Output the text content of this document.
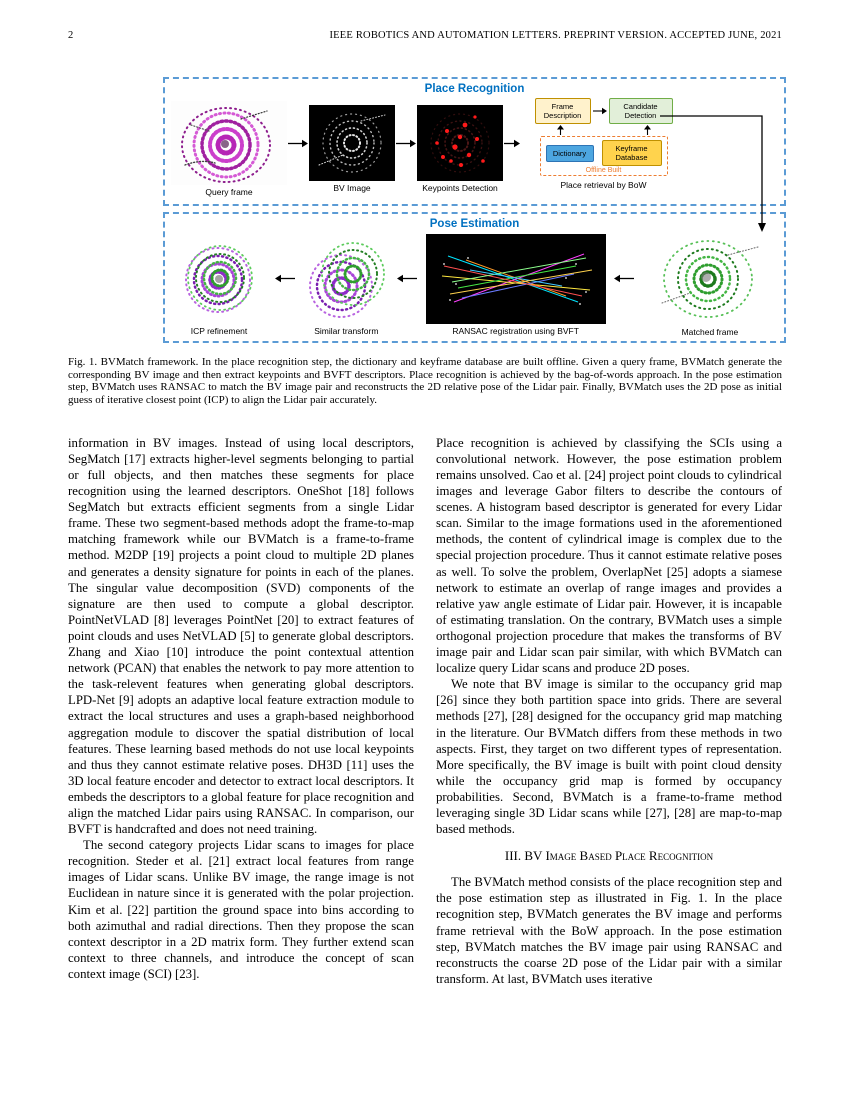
2	IEEE ROBOTICS AND AUTOMATION LETTERS. PREPRINT VERSION. ACCEPTED JUNE, 2021
Place Recognition
Query frame	BV Image	Keypoints Detection
Frame Description
Candidate Detection
Dictionary	Keyframe Database
Offline Built
Place retrieval by BoW
Pose Estimation
ICP refinement	Similar transform	RANSAC registration using BVFT	Matched frame
Fig. 1. BVMatch framework. In the place recognition step, the dictionary and keyframe database are built offline. Given a query frame, BVMatch generate the corresponding BV image and then extract keypoints and BVFT descriptors. Place recognition is achieved by the bag-of-words approach. In the pose estimation step, BVMatch uses RANSAC to match the BV image pair and reconstructs the 2D relative pose of the Lidar pair. Finally, BVMatch uses the 2D pose as initial guess of iterative closest point (ICP) to align the Lidar pair accurately.

information in BV images. Instead of using local descriptors, SegMatch [17] extracts higher-level segments belonging to partial or full objects, and then matches these segments for place recognition using the learned descriptors. OneShot [18] follows SegMatch but extracts efficient segments from a single Lidar frame. These two segment-based methods adopt the frame-to-map matching framework while our BVMatch is a frame-to-frame method. M2DP [19] projects a point cloud to multiple 2D planes and generates a density signature for points in each of the planes. The singular value decomposition (SVD) components of the signature are then used to compute a global descriptor. PointNetVLAD [8] leverages PointNet [20] to extract features of point clouds and uses NetVLAD [5] to generate global descriptors. Zhang and Xiao [10] introduce the point contextual attention network (PCAN) that enables the network to pay more attention to the task-relevent features when generating global descriptors. LPD-Net [9] adopts an adaptive local feature extraction module to extract the local structures and uses a graph-based neighborhood aggregation module to discover the spatial distribution of local features. These learning based methods do not use local keypoints and thus they cannot estimate relative poses. DH3D [11] uses the 3D local feature encoder and detector to extract local descriptors. It embeds the descriptors to a global feature for place recognition and align the matched Lidar pairs using RANSAC. In comparison, our BVFT is handcrafted and does not need training.

The second category projects Lidar scans to images for place recognition. Steder et al. [21] extract local features from range images of Lidar scans. Unlike BV image, the range image is not Euclidean in nature since it is generated with the polar projection. Kim et al. [22] partition the ground space into bins according to both azimuthal and radial directions. Then they propose the scan context descriptor in a 2D matrix form. They further extend scan context to three channels, and introduce the concept of scan context image (SCI) [23].

Place recognition is achieved by classifying the SCIs using a convolutional network. However, the pose estimation problem remains unsolved. Cao et al. [24] project point clouds to cylindrical images and leverage Gabor filters to describe the contours of scenes. A histogram based descriptor is generated for every Lidar scan. Similar to the image formations used in the aforementioned methods, the content of cylindrical image is complex due to the special projection procedure. Thus it cannot estimate relative poses as well. To solve the problem, OverlapNet [25] adopts a siamese network to estimate an overlap of range images and provides a relative yaw angle estimate of Lidar pair. However, it is incapable of estimating translation. On the contrary, BVMatch uses a simple orthogonal projection procedure that makes the transforms of BV image pair and Lidar scan pair similar, with which BVMatch can localize query Lidar scans and produce 2D poses.

We note that BV image is similar to the occupancy grid map [26] since they both partition space into grids. There are several methods [27], [28] designed for the occupancy grid map matching in the literature. Our BVMatch differs from these methods in two aspects. First, they target on two different types of representation. More specifically, the BV image is built with point cloud density while the occupancy grid map is formed by occupancy probabilities. Second, BVMatch is a frame-to-frame method leveraging single 3D Lidar scans while [27], [28] are map-to-map based methods.

III. BV Image Based Place Recognition

The BVMatch method consists of the place recognition step and the pose estimation step as illustrated in Fig. 1. In the place recognition step, BVMatch generates the BV image and performs frame retrieval with the BoW approach. In the pose estimation step, BVMatch matches the BV image pair using RANSAC and reconstructs the coarse 2D pose of the Lidar pair with a similar transform. At last, BVMatch uses iterative
